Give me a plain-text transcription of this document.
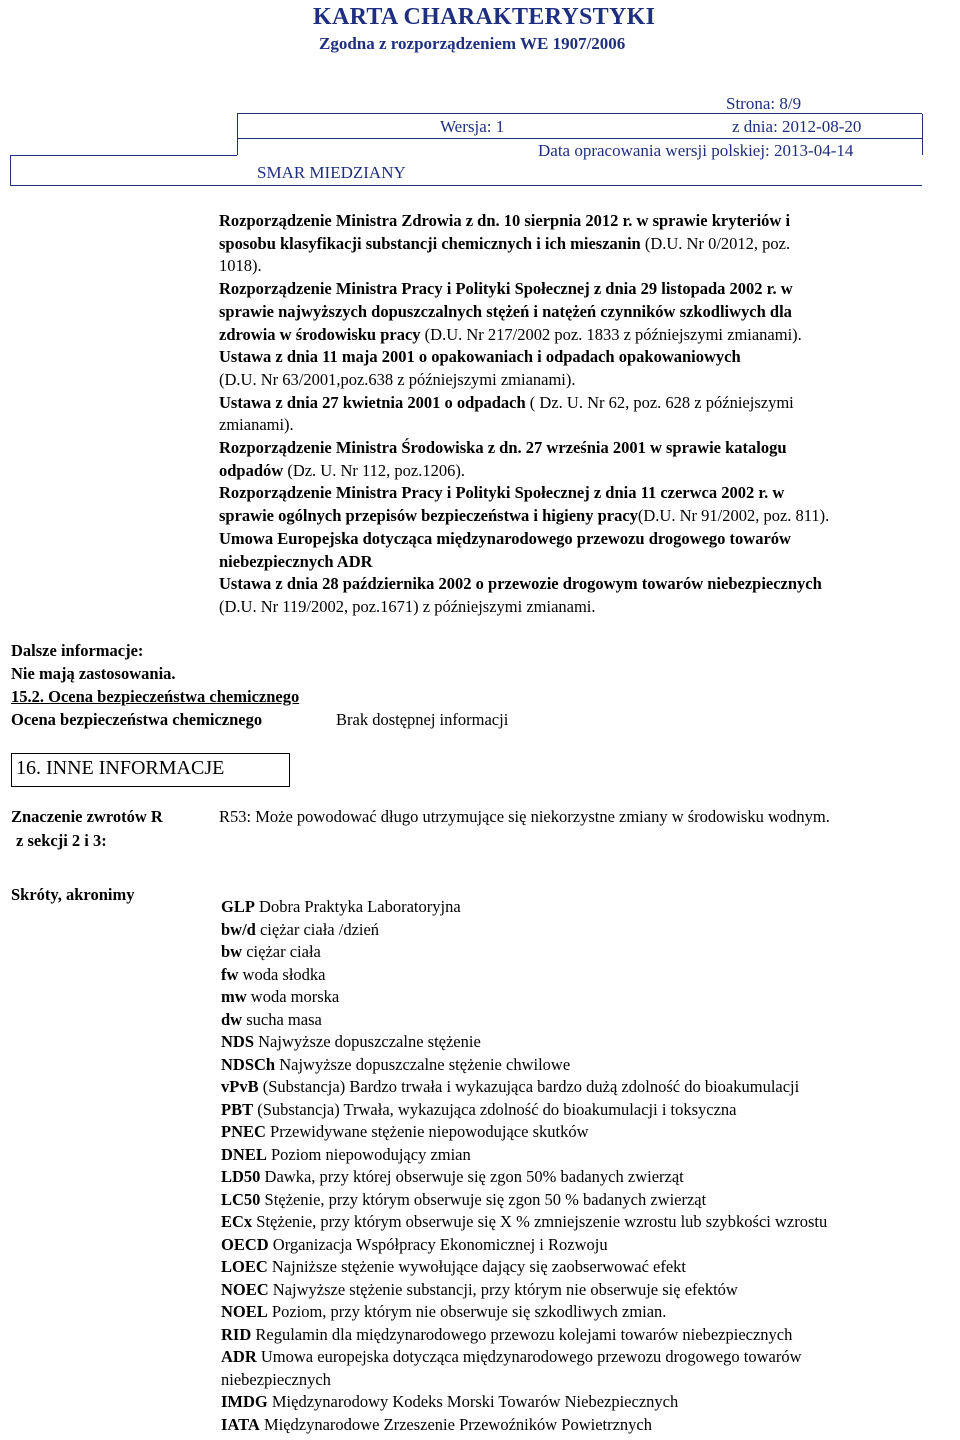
KARTA CHARAKTERYSTYKI
Zgodna z rozporządzeniem WE 1907/2006
Strona: 8/9
Wersja: 1	z dnia: 2012-08-20
Data opracowania wersji polskiej: 2013-04-14
SMAR MIEDZIANY
Rozporządzenie Ministra Zdrowia z dn. 10 sierpnia 2012 r. w sprawie kryteriów i
sposobu klasyfikacji substancji chemicznych i ich mieszanin (D.U. Nr 0/2012, poz.
1018).
Rozporządzenie Ministra Pracy i Polityki Społecznej z dnia 29 listopada 2002 r. w
sprawie najwyższych dopuszczalnych stężeń i natężeń czynników szkodliwych dla
zdrowia w środowisku pracy (D.U. Nr 217/2002 poz. 1833 z późniejszymi zmianami).
Ustawa z dnia 11 maja 2001 o opakowaniach i odpadach opakowaniowych
(D.U. Nr 63/2001,poz.638 z późniejszymi zmianami).
Ustawa z dnia 27 kwietnia 2001 o odpadach ( Dz. U. Nr 62, poz. 628 z późniejszymi
zmianami).
Rozporządzenie Ministra Środowiska z dn. 27 września 2001 w sprawie katalogu
odpadów (Dz. U. Nr 112, poz.1206).
Rozporządzenie Ministra Pracy i Polityki Społecznej z dnia 11 czerwca 2002 r. w
sprawie ogólnych przepisów bezpieczeństwa i higieny pracy(D.U. Nr 91/2002, poz. 811).
Umowa Europejska dotycząca międzynarodowego przewozu drogowego towarów
niebezpiecznych ADR
Ustawa z dnia 28 października 2002 o przewozie drogowym towarów niebezpiecznych
(D.U. Nr 119/2002, poz.1671) z późniejszymi zmianami.
Dalsze informacje:
Nie mają zastosowania.
15.2. Ocena bezpieczeństwa chemicznego
Ocena bezpieczeństwa chemicznego	Brak dostępnej informacji
16. INNE INFORMACJE
Znaczenie zwrotów R
z sekcji 2 i 3:
R53: Może powodować długo utrzymujące się niekorzystne zmiany w środowisku wodnym.
Skróty, akronimy
GLP Dobra Praktyka Laboratoryjna
bw/d ciężar ciała /dzień
bw ciężar ciała
fw woda słodka
mw woda morska
dw sucha masa
NDS Najwyższe dopuszczalne stężenie
NDSCh Najwyższe dopuszczalne stężenie chwilowe
vPvB (Substancja) Bardzo trwała i wykazująca bardzo dużą zdolność do bioakumulacji
PBT (Substancja) Trwała, wykazująca zdolność do bioakumulacji i toksyczna
PNEC Przewidywane stężenie niepowodujące skutków
DNEL Poziom niepowodujący zmian
LD50 Dawka, przy której obserwuje się zgon 50% badanych zwierząt
LC50 Stężenie, przy którym obserwuje się zgon 50 % badanych zwierząt
ECx Stężenie, przy którym obserwuje się X % zmniejszenie wzrostu lub szybkości wzrostu
OECD Organizacja Współpracy Ekonomicznej i Rozwoju
LOEC Najniższe stężenie wywołujące dający się zaobserwować efekt
NOEC Najwyższe stężenie substancji, przy którym nie obserwuje się efektów
NOEL Poziom, przy którym nie obserwuje się szkodliwych zmian.
RID Regulamin dla międzynarodowego przewozu kolejami towarów niebezpiecznych
ADR Umowa europejska dotycząca międzynarodowego przewozu drogowego towarów
niebezpiecznych
IMDG Międzynarodowy Kodeks Morski Towarów Niebezpiecznych
IATA Międzynarodowe Zrzeszenie Przewoźników Powietrznych
